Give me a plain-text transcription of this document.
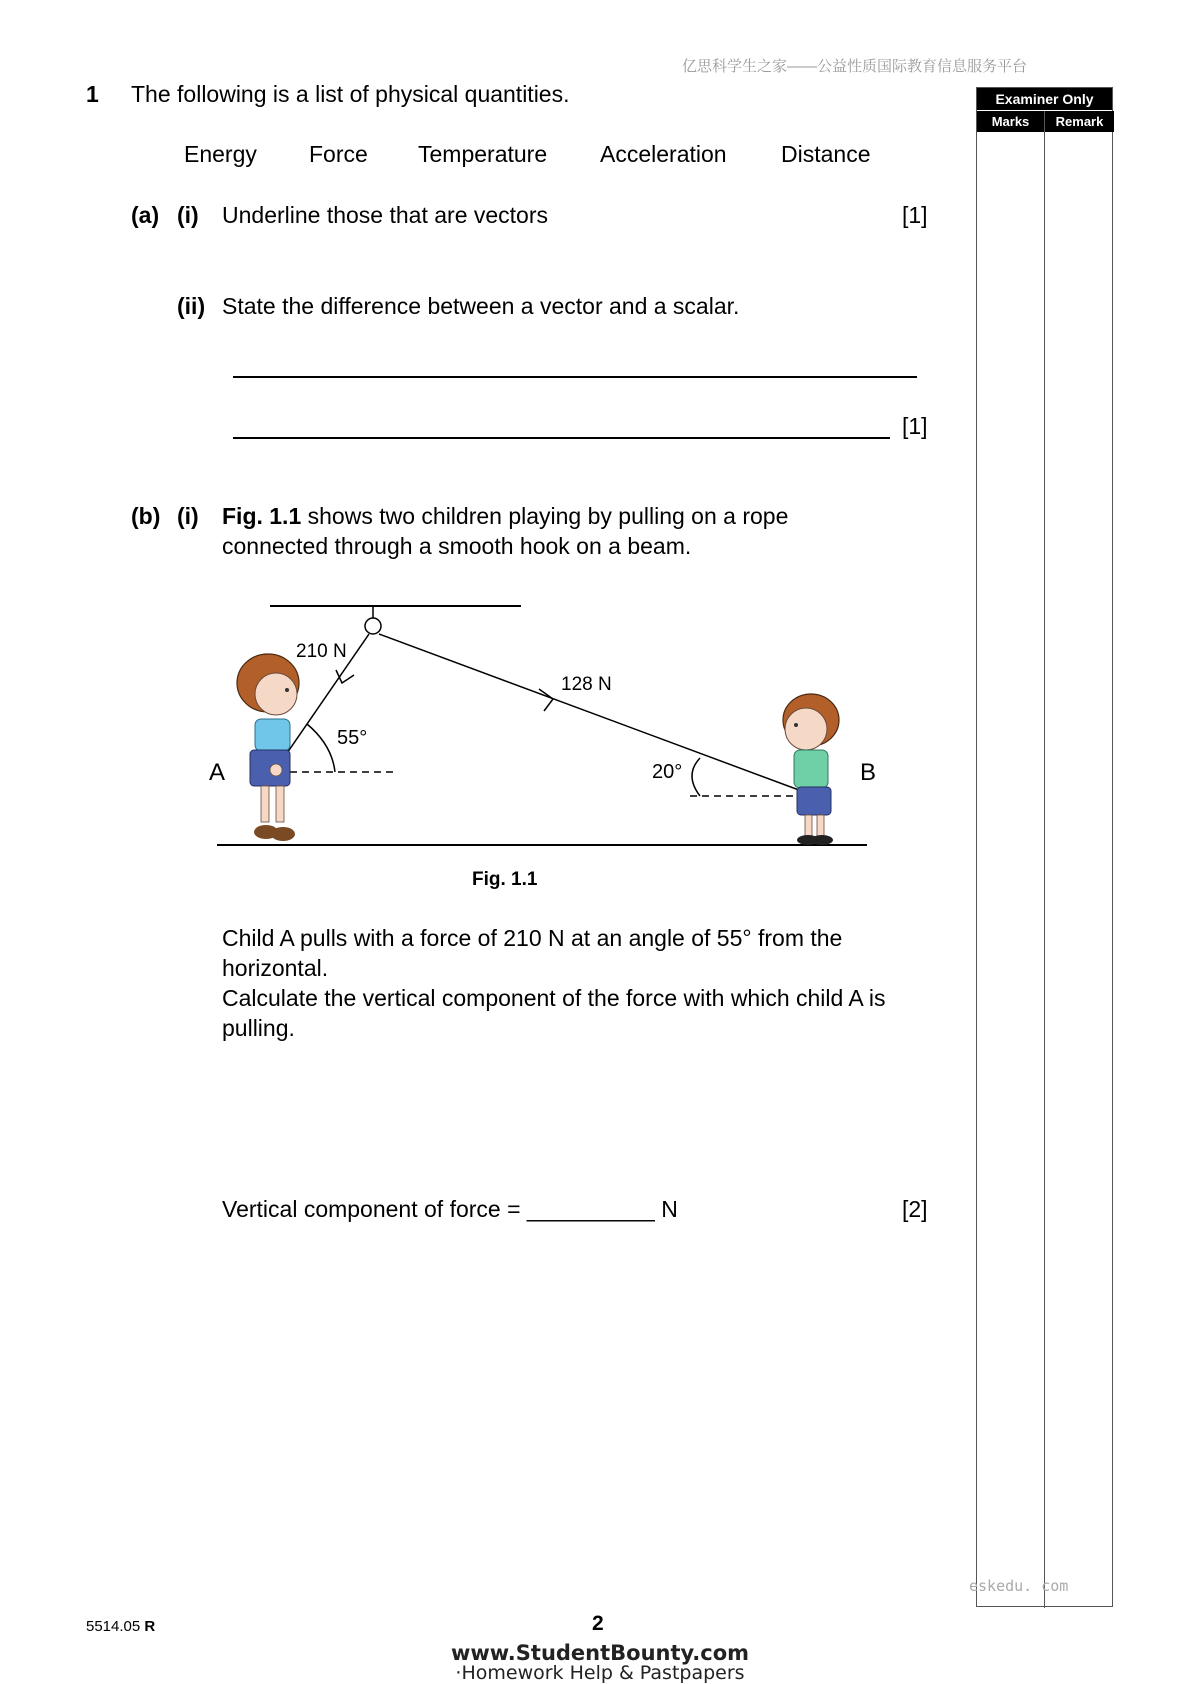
亿思科学生之家——公益性质国际教育信息服务平台
Examiner Only
Marks	Remark
1 The following is a list of physical quantities.
Energy Force Temperature Acceleration Distance
(a) (i) Underline those that are vectors	[1]
(ii) State the difference between a vector and a scalar.
[1]
(b) (i) Fig. 1.1 shows two children playing by pulling on a rope
connected through a smooth hook on a beam.
210 N
128 N
55°
20°
A	B
Fig. 1.1
Child A pulls with a force of 210 N at an angle of 55° from the
horizontal.
Calculate the vertical component of the force with which child A is
pulling.
Vertical component of force = __________ N	[2]
eskedu. com
5514.05 R	2
www.StudentBounty.com
·Homework Help & Pastpapers
